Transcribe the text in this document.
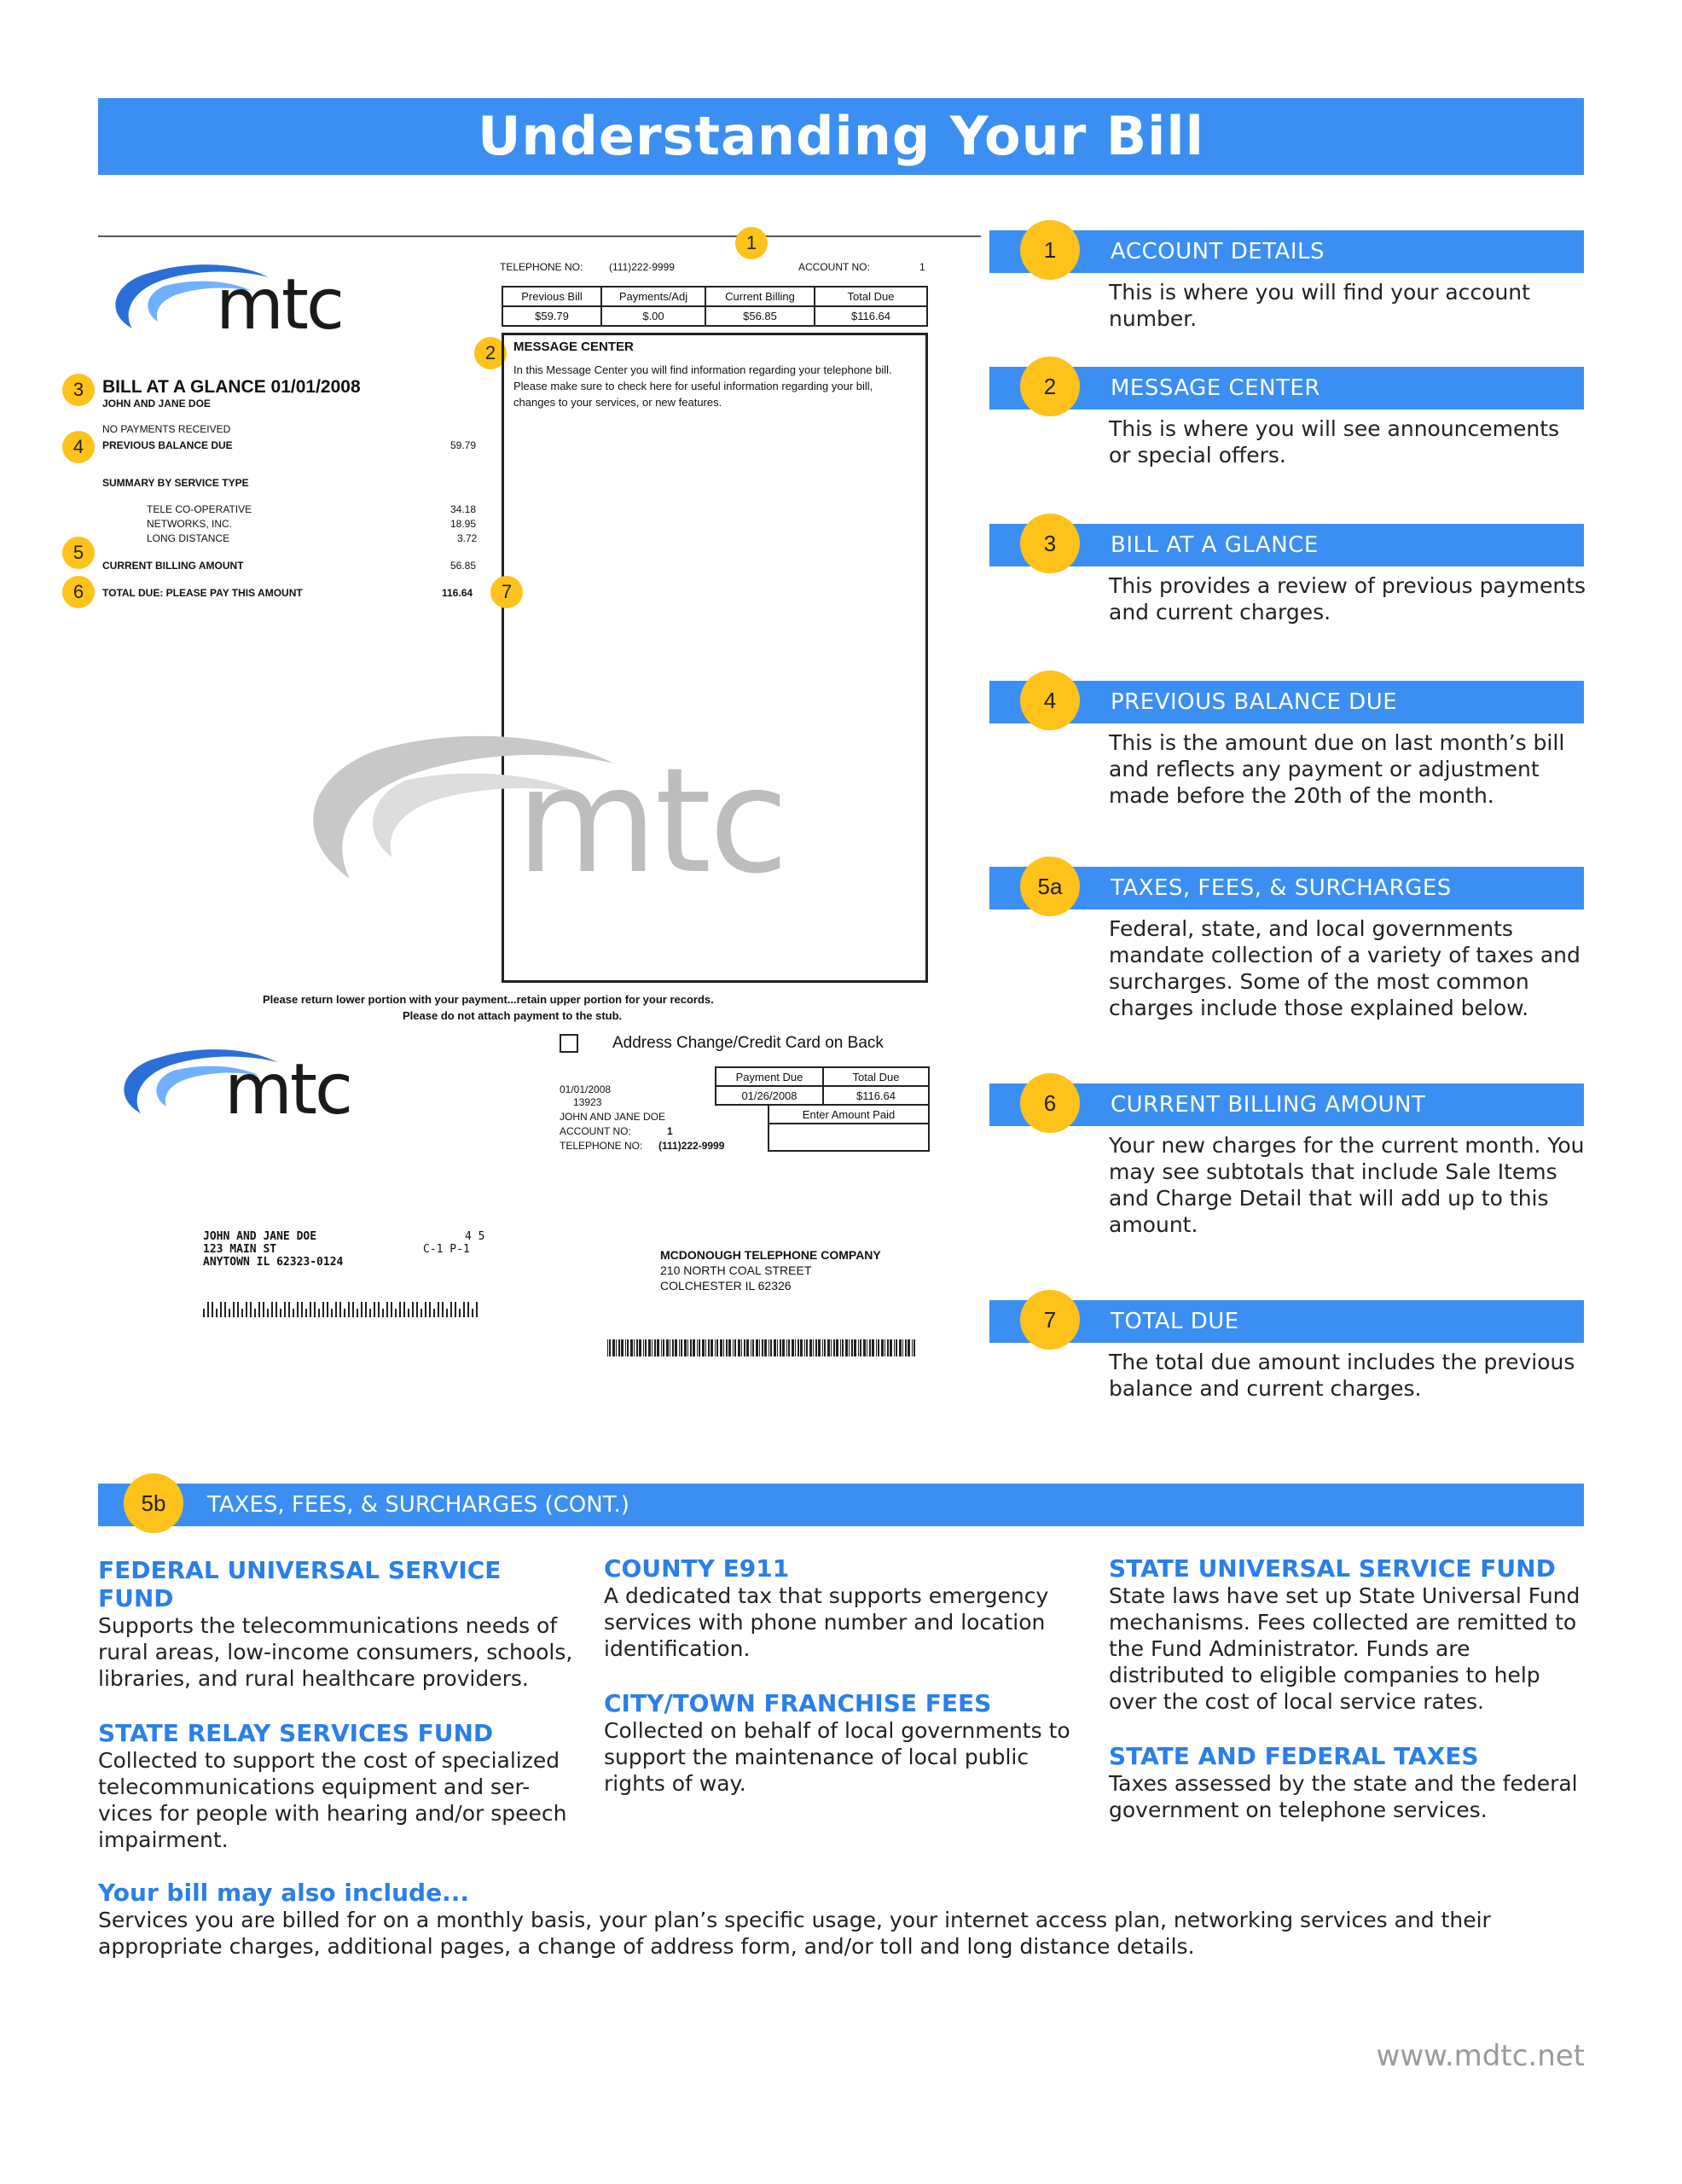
Understanding Your Bill
mtc
1
TELEPHONE NO:	(111)222-9999	ACCOUNT NO:	1
Previous Bill	Payments/Adj	Current Billing	Total Due
$59.79	$.00	$56.85	$116.64
2 MESSAGE CENTER
In this Message Center you will find information regarding your telephone bill. Please make sure to check here for useful information regarding your bill, changes to your services, or new features.
mtc
3 BILL AT A GLANCE 01/01/2008
JOHN AND JANE DOE
NO PAYMENTS RECEIVED
4 PREVIOUS BALANCE DUE	59.79
SUMMARY BY SERVICE TYPE
TELE CO-OPERATIVE	34.18
NETWORKS, INC.	18.95
LONG DISTANCE	3.72
5
CURRENT BILLING AMOUNT	56.85
6 TOTAL DUE: PLEASE PAY THIS AMOUNT	116.64 7
Please return lower portion with your payment...retain upper portion for your records.
Please do not attach payment to the stub.
Address Change/Credit Card on Back
mtc	01/01/2008
13923
JOHN AND JANE DOE
ACCOUNT NO:	1
TELEPHONE NO: (111)222-9999
Payment Due	Total Due
01/26/2008	$116.64
Enter Amount Paid
JOHN AND JANE DOE
123 MAIN ST
ANYTOWN IL 62323-0124
4 5
C-1 P-1	MCDONOUGH TELEPHONE COMPANY
210 NORTH COAL STREET
COLCHESTER IL 62326
1 ACCOUNT DETAILS
This is where you will find your account number.
2 MESSAGE CENTER
This is where you will see announcements or special offers.
3 BILL AT A GLANCE
This provides a review of previous payments and current charges.
4 PREVIOUS BALANCE DUE
This is the amount due on last month’s bill and reflects any payment or adjustment made before the 20th of the month.
5a TAXES, FEES, & SURCHARGES
Federal, state, and local governments mandate collection of a variety of taxes and surcharges. Some of the most common charges include those explained below.
6 CURRENT BILLING AMOUNT
Your new charges for the current month. You may see subtotals that include Sale Items and Charge Detail that will add up to this amount.
7 TOTAL DUE
The total due amount includes the previous balance and current charges.
5b TAXES, FEES, & SURCHARGES (CONT.)
FEDERAL UNIVERSAL SERVICE FUND
Supports the telecommunications needs of rural areas, low-income consumers, schools, libraries, and rural healthcare providers.
STATE RELAY SERVICES FUND
Collected to support the cost of specialized telecommunications equipment and ser-vices for people with hearing and/or speech impairment.
COUNTY E911
A dedicated tax that supports emergency services with phone number and location identification.
CITY/TOWN FRANCHISE FEES
Collected on behalf of local governments to support the maintenance of local public rights of way.
STATE UNIVERSAL SERVICE FUND
State laws have set up State Universal Fund mechanisms. Fees collected are remitted to the Fund Administrator. Funds are distributed to eligible companies to help over the cost of local service rates.
STATE AND FEDERAL TAXES
Taxes assessed by the state and the federal government on telephone services.
Your bill may also include...
Services you are billed for on a monthly basis, your plan’s specific usage, your internet access plan, networking services and their appropriate charges, additional pages, a change of address form, and/or toll and long distance details.
www.mdtc.net
